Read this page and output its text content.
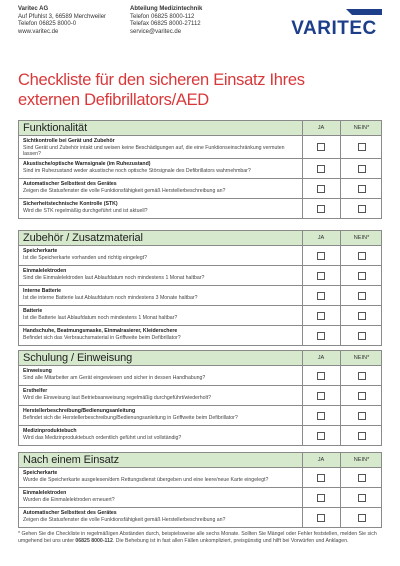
Varitec AG
Auf Pfuhlst 3, 66589 Merchweiler
Telefon 06825 8000-0
www.varitec.de
Abteilung Medizintechnik
Telefon 06825 8000-112
Telefax 06825 8000-27112
service@varitec.de	VARITEC
Checkliste für den sicheren Einsatz Ihres
externen Defibrillators/AED
Funktionalität	JA	NEIN*
Sichtkontrolle bei Gerät und Zubehör
Sind Gerät und Zubehör intakt und weisen keine Beschädigungen auf, die eine Funktionseinschränkung vermuten lassen?
Akustische/optische Warnsignale (im Ruhezustand)
Sind im Ruhezustand weder akustische noch optische Störsignale des Defibrillators wahrnehmbar?
Automatischer Selbsttest des Gerätes
Zeigen die Statusfenster die volle Funktionsfähigkeit gemäß Herstellerbeschreibung an?
Sicherheitstechnische Kontrolle (STK)
Wird die STK regelmäßig durchgeführt und ist aktuell?
Zubehör / Zusatzmaterial	JA	NEIN*
Speicherkarte
Ist die Speicherkarte vorhanden und richtig eingelegt?
Einmalelektroden
Sind die Einmalelektroden laut Ablaufdatum noch mindestens 1 Monat haltbar?
Interne Batterie
Ist die interne Batterie laut Ablaufdatum noch mindestens 3 Monate haltbar?
Batterie
Ist die Batterie laut Ablaufdatum noch mindestens 1 Monat haltbar?
Handschuhe, Beatmungsmaske, Einmalrasierer, Kleiderschere
Befindet sich das Verbrauchsmaterial in Griffweite beim Defibrillator?
Schulung / Einweisung	JA	NEIN*
Einweisung
Sind alle Mitarbeiter am Gerät eingewiesen und sicher in dessen Handhabung?
Ersthelfer
Wird die Einweisung laut Betriebsanweisung regelmäßig durchgeführt/wiederholt?
Herstellerbeschreibung/Bedienungsanleitung
Befindet sich die Herstellerbeschreibung/Bedienungsanleitung in Griffweite beim Defibrillator?
Medizinproduktebuch
Wird das Medizinproduktebuch ordentlich geführt und ist vollständig?
Nach einem Einsatz	JA	NEIN*
Speicherkarte
Wurde die Speicherkarte ausgelesen/dem Rettungsdienst übergeben und eine leere/neue Karte eingelegt?
Einmalelektroden
Wurden die Einmalelektroden erneuert?
Automatischer Selbsttest des Gerätes
Zeigen die Statusfenster die volle Funktionsfähigkeit gemäß Herstellerbeschreibung an?
* Gehen Sie die Checkliste in regelmäßigen Abständen durch, beispielsweise alle sechs Monate. Sollten Sie Mängel oder Fehler feststellen, melden Sie sich umgehend bei uns unter 06825 8000-112. Die Behebung ist in fast allen Fällen unkompliziert, preisgünstig und hilft bei Vorwürfen und Anklagen.
